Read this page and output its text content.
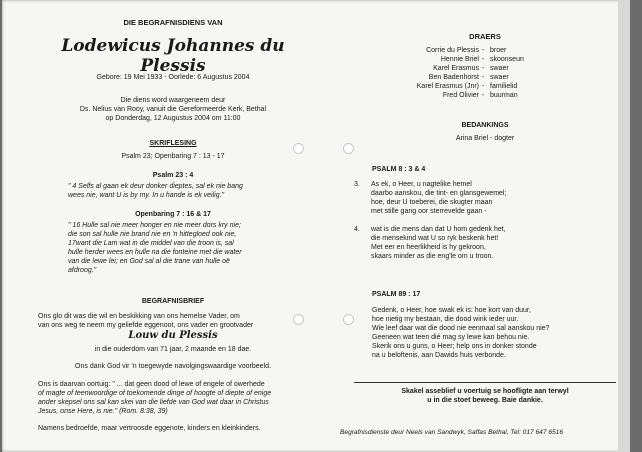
DIE BEGRAFNISDIENS VAN
Lodewicus Johannes du Plessis
Gebore: 19 Mei 1933 - Oorlede: 6 Augustus 2004
Die diens word waargeneem deur
Ds. Nelius van Rooy, vanuit die Gereformeerde Kerk, Bethal
op Donderdag, 12 Augustus 2004 om 11:00
SKRIFLESING
Psalm 23; Openbaring 7 : 13 - 17
Psalm 23 : 4
" 4 Selfs al gaan ek deur donker dieptes, sal ek nie bang
wees nie, want U is by my. In u hande is ek veilig."
Openbaring 7 : 16 & 17
" 16 Hulle sal nie meer honger en nie meer dors kry nie;
die son sal hulle nie brand nie en 'n hittegloed ook nie,
17want die Lam wat in die middel van die troon is, sal
hulle herder wees en hulle na die fonteine met die water
van die lewe lei; en God sal al die trane van hulle oë
afdroog."
BEGRAFNISBRIEF
Ons glo dit was die wil en beskikking van ons hemelse Vader, om
van ons weg te neem my geliefde eggenoot, ons vader en grootvader
Louw du Plessis
in die ouderdom van 71 jaar, 2 maande en 18 dae.
Ons dank God vir 'n toegewyde navolgingswaardige voorbeeld.
Ons is daarvan oortuig: " ... dat geen dood of lewe of engele of owerhede
of magte of teenwoordige of toekomende dinge of hoogte of diepte of enige
ander skepsel ons sal kan skei van die liefde van God wat daar in Christus
Jesus, onse Here, is nie." (Rom. 8:38, 39)
Namens bedroefde, maar vertroosde eggenote, kinders en kleinkinders.
DRAERS
Corrie du Plessis - broer
Hennie Briel - skoonseun
Karel Erasmus - swaer
Ben Badenhorst - swaer
Karel Erasmus (Jnr) - familielid
Fred Olivier - buurman
BEDANKINGS
Arina Briel - dogter
PSALM 8 : 3 & 4
3. As ek, o Heer, u nagtelike hemel
daarbo aanskou, die tint- en glansgewemel;
hoe, deur U toeberei, die skugter maan
met stille gang oor sterrevelde gaan -
4. wat is die mens dan dat U hom gedenk het,
die mensekind wat U so ryk beskenk het!
Met eer en heerlikheid is hy gekroon,
skaars minder as die eng'le om u troon.
PSALM 89 : 17
Gedenk, o Heer, hoe swak ek is: hoe kort van duur,
hoe nietig my bestaan, die dood wink ieder uur.
Wie leef daar wat die dood nie eenmaal sal aanskou nie?
Geeneen wat teen dié mag sy lewe kan behou nie.
Skerik ons u guns, o Heer; help ons in donker stonde
na u beloftenis, aan Dawids huis verbonde.
Skakel asseblief u voertuig se hoofligte aan terwyl
u in die stoet beweeg. Baie dankie.
Begrafnisdienste deur Neels van Sandwyk, Saffas Bethal, Tel: 017 647 6516
